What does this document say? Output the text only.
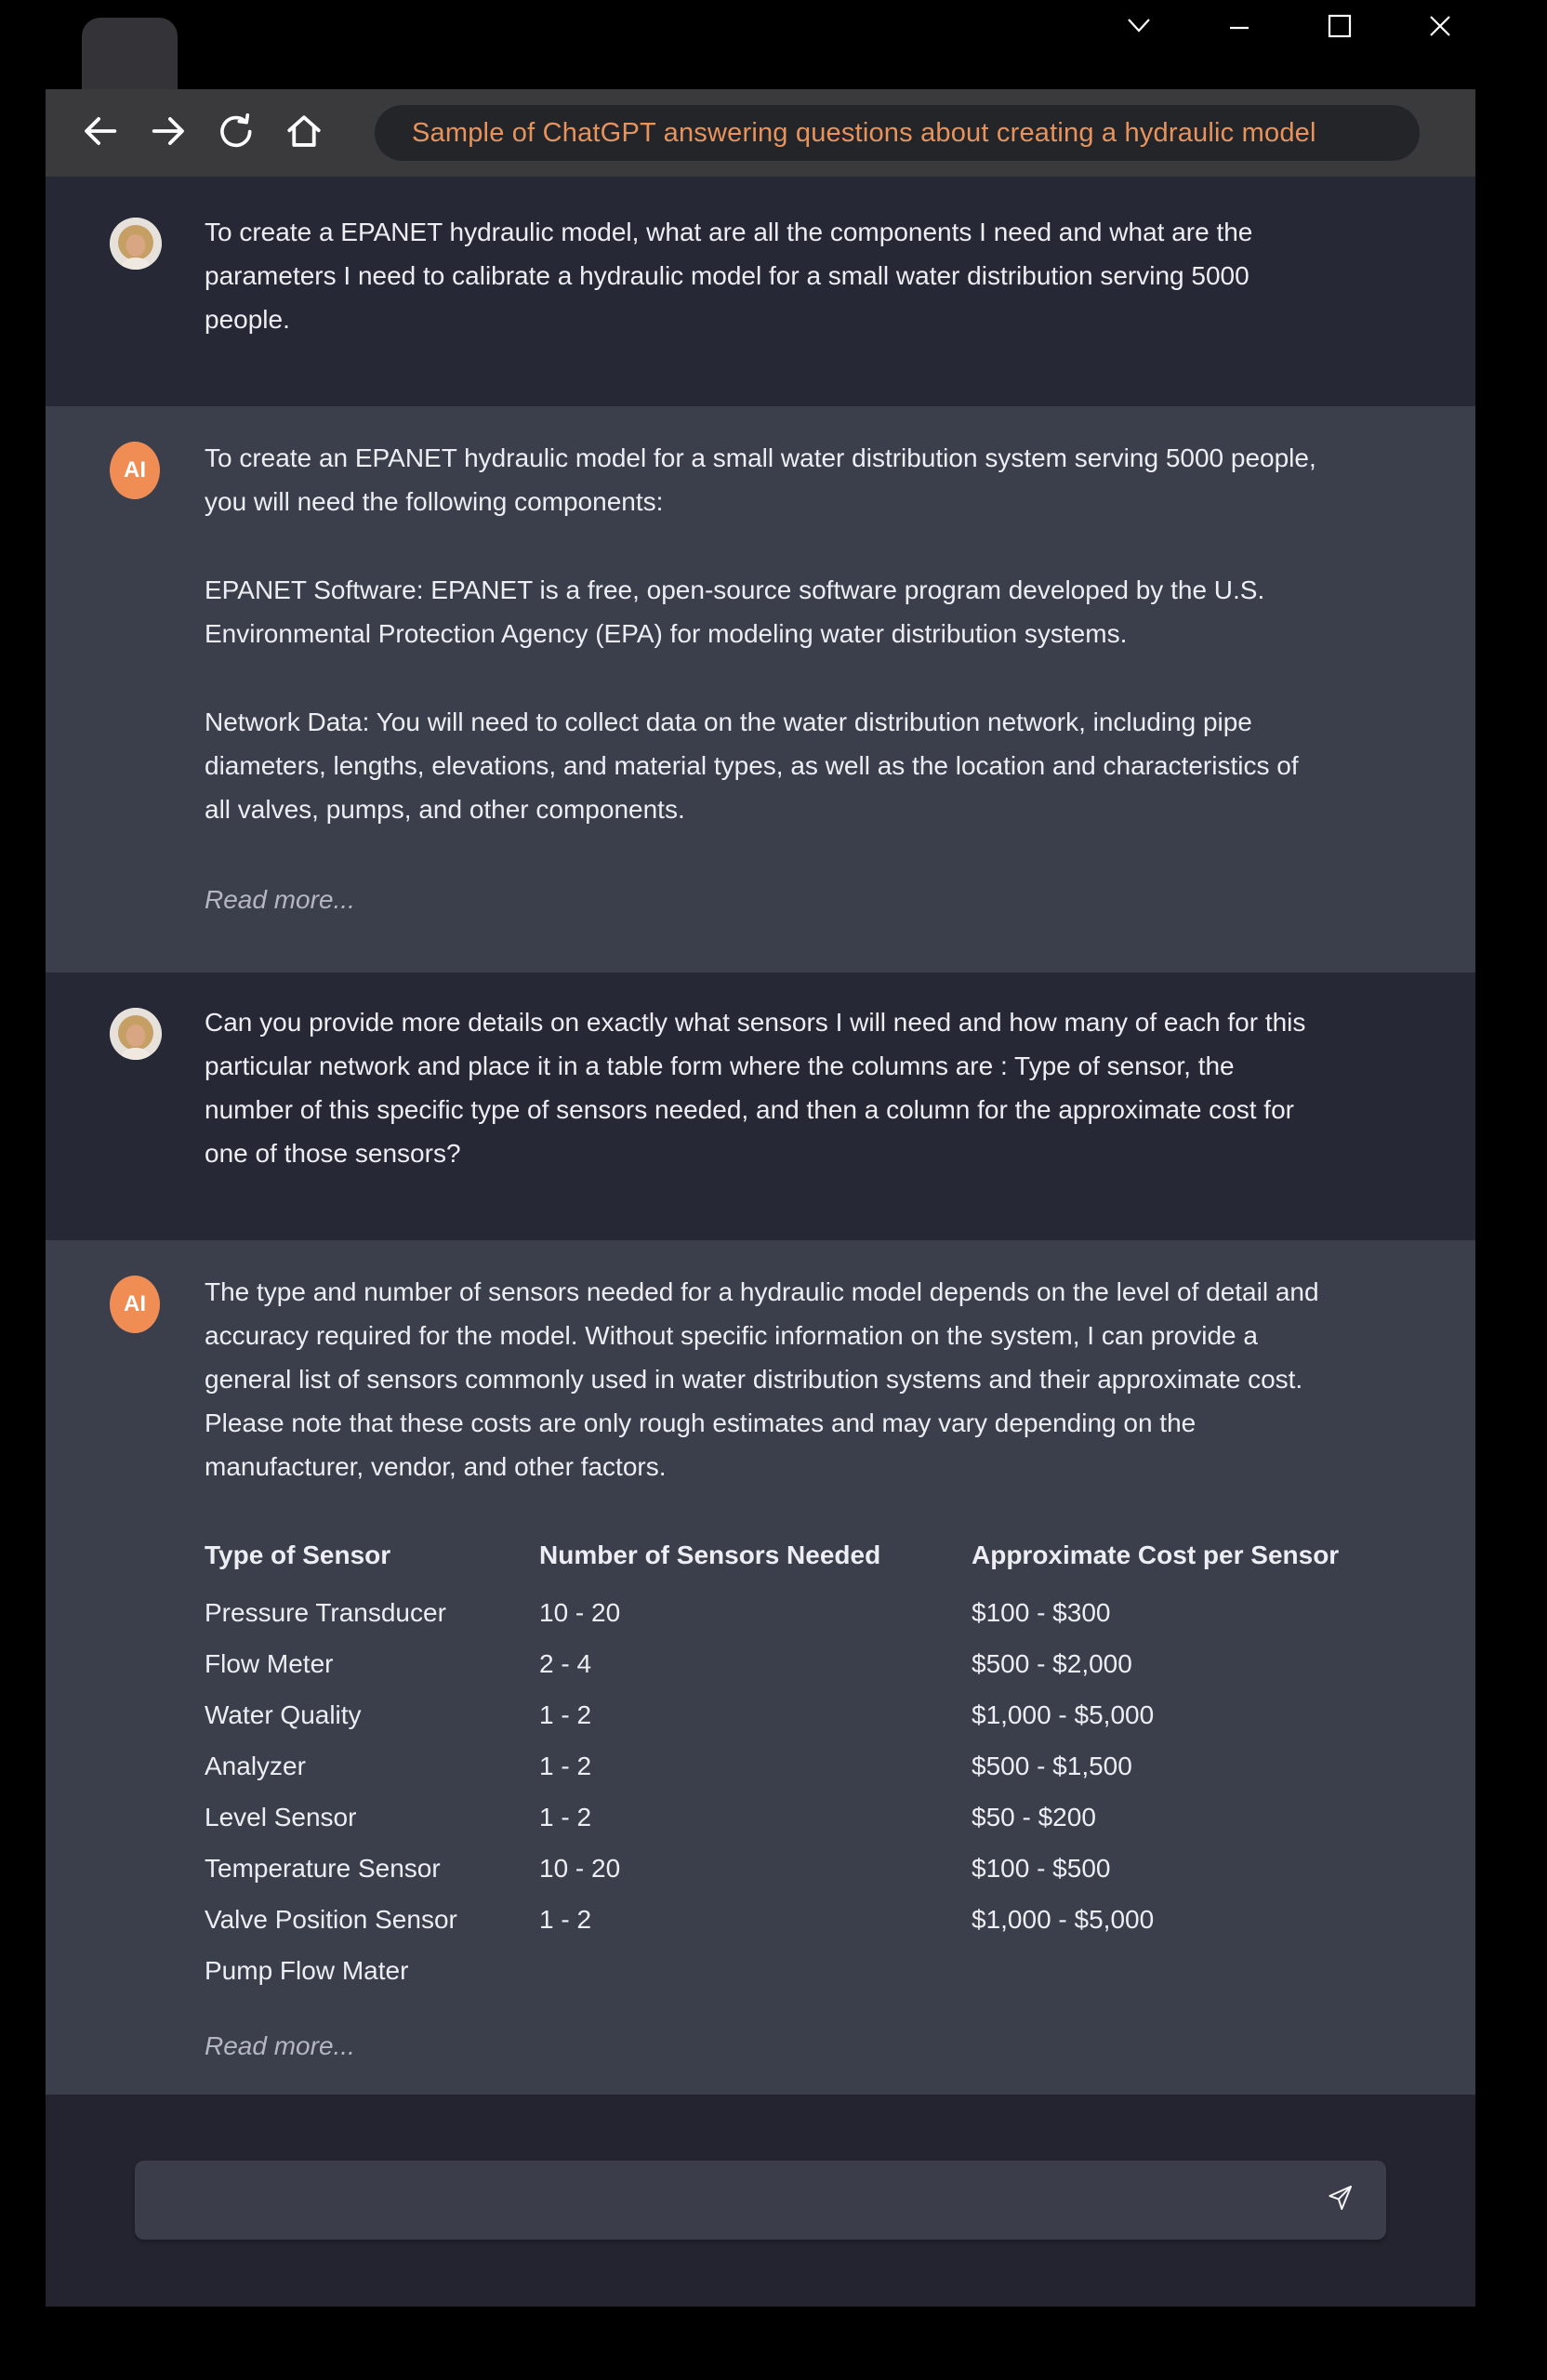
Sample of ChatGPT answering questions about creating a hydraulic model
To create a EPANET hydraulic model, what are all the components I need and what are the
parameters I need to calibrate a hydraulic model for a small water distribution serving 5000
people.
AI To create an EPANET hydraulic model for a small water distribution system serving 5000 people,
you will need the following components:
EPANET Software: EPANET is a free, open-source software program developed by the U.S.
Environmental Protection Agency (EPA) for modeling water distribution systems.
Network Data: You will need to collect data on the water distribution network, including pipe
diameters, lengths, elevations, and material types, as well as the location and characteristics of
all valves, pumps, and other components.
Read more...
Can you provide more details on exactly what sensors I will need and how many of each for this
particular network and place it in a table form where the columns are : Type of sensor, the
number of this specific type of sensors needed, and then a column for the approximate cost for
one of those sensors?
AI The type and number of sensors needed for a hydraulic model depends on the level of detail and
accuracy required for the model. Without specific information on the system, I can provide a
general list of sensors commonly used in water distribution systems and their approximate cost.
Please note that these costs are only rough estimates and may vary depending on the
manufacturer, vendor, and other factors.
Type of Sensor	Number of Sensors Needed	Approximate Cost per Sensor
Pressure Transducer	10 - 20	$100 - $300
Flow Meter	2 - 4	$500 - $2,000
Water Quality	1 - 2	$1,000 - $5,000
Analyzer	1 - 2	$500 - $1,500
Level Sensor	1 - 2	$50 - $200
Temperature Sensor	10 - 20	$100 - $500
Valve Position Sensor	1 - 2	$1,000 - $5,000
Pump Flow Mater
Read more...
